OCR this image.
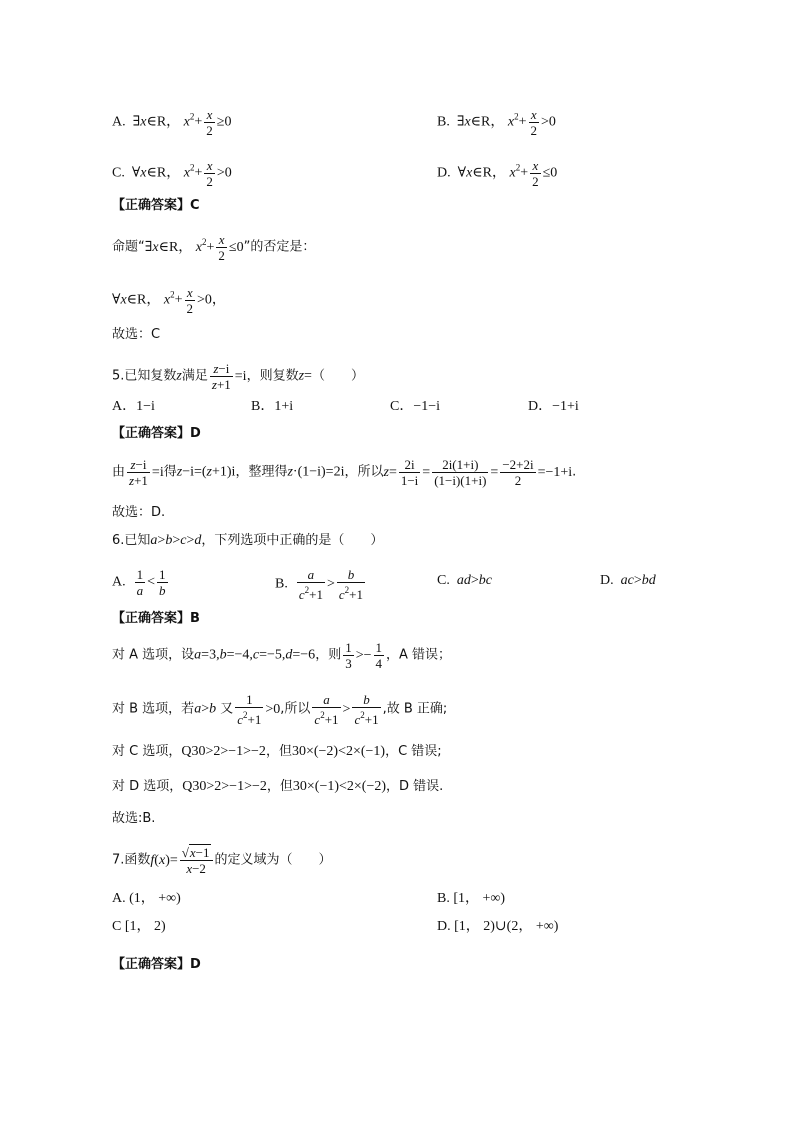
A.  ∃x∈R， $x^2+ \frac{x}{2} \ge 0$	B.  ∃x∈R， $x^2+ \frac{x}{2} >0$
C.  ∀x∈R， $x^2+ \frac{x}{2} >0$	D.  ∀x∈R， $x^2+ \frac{x}{2} \le 0$
【正确答案】C
命题“∃x∈R， $x^2+ \frac{x}{2} \le 0$”的否定是：
∀x∈R， $x^2+ \frac{x}{2} >0$，
故选：C
5.已知复数z满足 $\frac{z-i}{z+1} =i$，则复数z=（　　）
A．1−i	B．1+i	C．−1−i	D．−1+i
【正确答案】D
由 $\frac{z-i}{z+1} =i$得z−i=(z+1)i，整理得z·(1−i)=2i，所以$z= \frac{2i}{1-i} = \frac{2i(1+i)}{(1-i)(1+i)} = \frac{-2+2i}{2} =-1+i$.
故选：D.
6.已知a>b>c>d，下列选项中正确的是（　　）
A. $\frac{1}{a} < \frac{1}{b}$	B. $\frac{a}{c^2+1} > \frac{b}{c^2+1}$	C. ad>bc	D. ac>bd
【正确答案】B
对 A 选项，设a=3,b=−4,c=−5,d=−6，则 $\frac{1}{3} >- \frac{1}{4}$ ，A 错误；
对 B 选项，若a>b 又 $\frac{1}{c^2+1} >0$,所以 $\frac{a}{c^2+1} > \frac{b}{c^2+1}$ ,故 B 正确;
对 C 选项，Q30>2>−1>−2，但30×(−2)<2×(−1)，C 错误;
对 D 选项，Q30>2>−1>−2，但30×(−1)<2×(−2)，D 错误.
故选:B.
7.函数$f(x)= \frac{√x-1}{x-2}$ 的定义域为（　　）
A. (1， +∞)	B. [1， +∞)
C [1， 2)	D. [1， 2)∪(2， +∞)
【正确答案】D
